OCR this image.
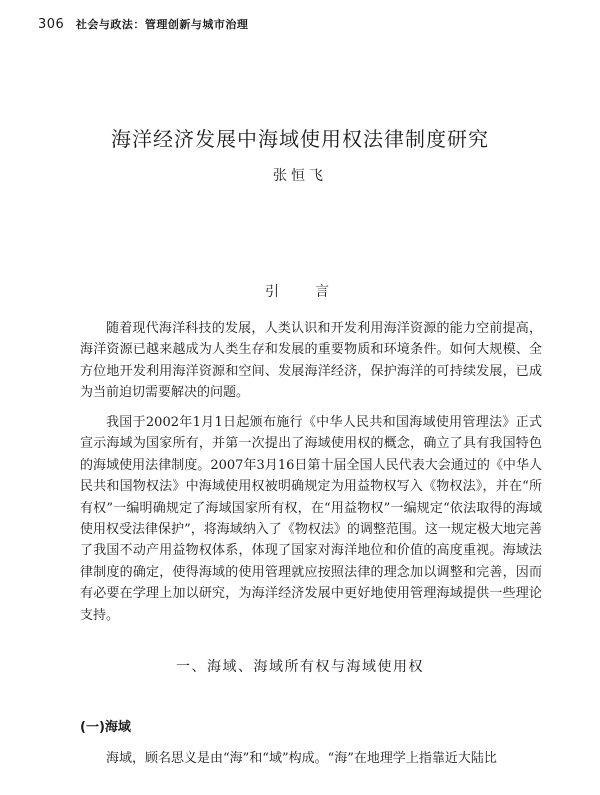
306 社会与政法：管理创新与城市治理
海洋经济发展中海域使用权法律制度研究
张恒飞
引言

随着现代海洋科技的发展，人类认识和开发利用海洋资源的能力空前提高，海洋资源已越来越成为人类生存和发展的重要物质和环境条件。如何大规模、全方位地开发利用海洋资源和空间、发展海洋经济，保护海洋的可持续发展，已成为当前迫切需要解决的问题。

我国于2002年1月1日起颁布施行《中华人民共和国海域使用管理法》正式宣示海域为国家所有，并第一次提出了海域使用权的概念，确立了具有我国特色的海域使用法律制度。2007年3月16日第十届全国人民代表大会通过的《中华人民共和国物权法》中海域使用权被明确规定为用益物权写入《物权法》，并在“所有权”一编明确规定了海域国家所有权，在“用益物权”一编规定“依法取得的海域使用权受法律保护”，将海域纳入了《物权法》的调整范围。这一规定极大地完善了我国不动产用益物权体系，体现了国家对海洋地位和价值的高度重视。海域法律制度的确定，使得海域的使用管理就应按照法律的理念加以调整和完善，因而有必要在学理上加以研究，为海洋经济发展中更好地使用管理海域提供一些理论支持。

一、海域、海域所有权与海域使用权
(一)海域

海域，顾名思义是由“海”和“域”构成。“海”在地理学上指靠近大陆比
